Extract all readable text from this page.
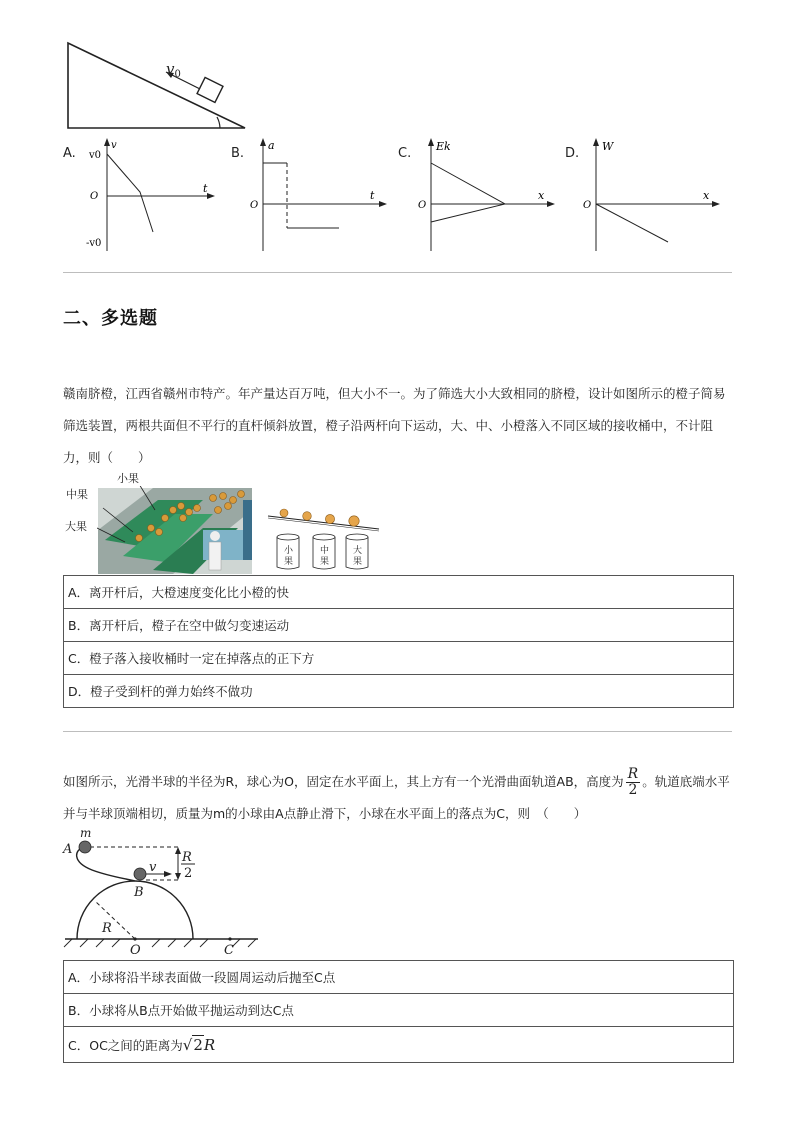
$v_0$
A.	B.	C.	D.
v
t
O
v0
-v0
a
t
O
Ek
x
O
W
x
O
二、多选题
赣南脐橙，江西省赣州市特产。年产量达百万吨，但大小不一。为了筛选大小大致相同的脐橙，设计如图所示的橙子简易筛选装置，两根共面但不平行的直杆倾斜放置，橙子沿两杆向下运动，大、中、小橙落入不同区域的接收桶中，不计阻力，则（　　）
小果
中果
大果
小
果
中
果
大
果
A．离开杆后，大橙速度变化比小橙的快
B．离开杆后，橙子在空中做匀变速运动
C．橙子落入接收桶时一定在掉落点的正下方
D．橙子受到杆的弹力始终不做功
如图所示，光滑半球的半径为R，球心为O，固定在水平面上，其上方有一个光滑曲面轨道AB，高度为 $\frac{R}{2}$ 。轨道底端水平并与半球顶端相切，质量为m的小球由A点静止滑下，小球在水平面上的落点为C，则　（　　）
R
2
v
m
A
B
R
O	C
A．小球将沿半球表面做一段圆周运动后抛至C点
B．小球将从B点开始做平抛运动到达C点
C．OC之间的距离为√2R
